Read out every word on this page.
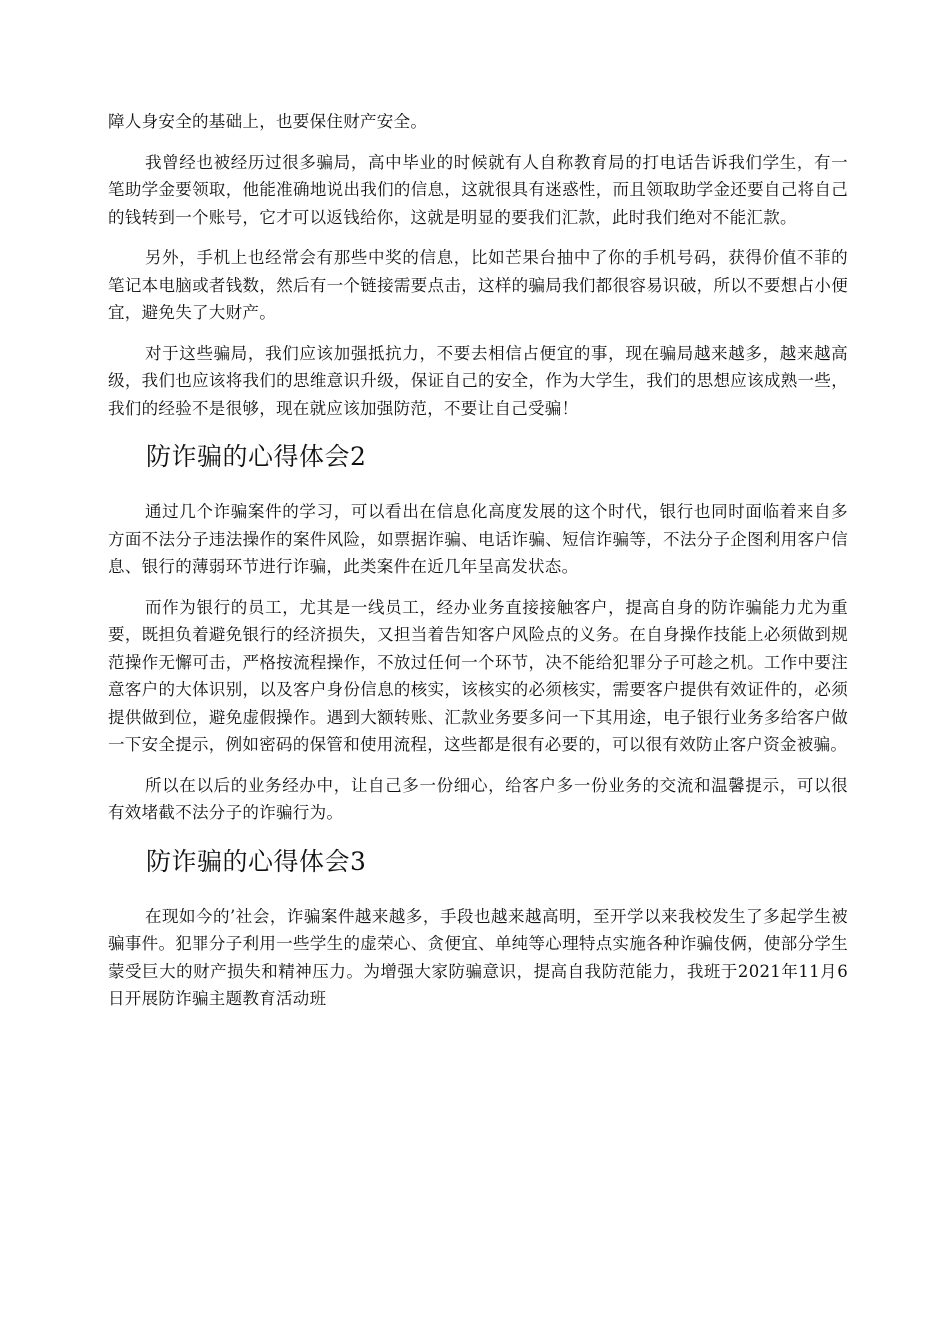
障人身安全的基础上，也要保住财产安全。

我曾经也被经历过很多骗局，高中毕业的时候就有人自称教育局的打电话告诉我们学生，有一笔助学金要领取，他能准确地说出我们的信息，这就很具有迷惑性，而且领取助学金还要自己将自己的钱转到一个账号，它才可以返钱给你，这就是明显的要我们汇款，此时我们绝对不能汇款。

另外，手机上也经常会有那些中奖的信息，比如芒果台抽中了你的手机号码，获得价值不菲的笔记本电脑或者钱数，然后有一个链接需要点击，这样的骗局我们都很容易识破，所以不要想占小便宜，避免失了大财产。

对于这些骗局，我们应该加强抵抗力，不要去相信占便宜的事，现在骗局越来越多，越来越高级，我们也应该将我们的思维意识升级，保证自己的安全，作为大学生，我们的思想应该成熟一些，我们的经验不是很够，现在就应该加强防范，不要让自己受骗！

防诈骗的心得体会2

通过几个诈骗案件的学习，可以看出在信息化高度发展的这个时代，银行也同时面临着来自多方面不法分子违法操作的案件风险，如票据诈骗、电话诈骗、短信诈骗等，不法分子企图利用客户信息、银行的薄弱环节进行诈骗，此类案件在近几年呈高发状态。

而作为银行的员工，尤其是一线员工，经办业务直接接触客户，提高自身的防诈骗能力尤为重要，既担负着避免银行的经济损失，又担当着告知客户风险点的义务。在自身操作技能上必须做到规范操作无懈可击，严格按流程操作，不放过任何一个环节，决不能给犯罪分子可趁之机。工作中要注意客户的大体识别，以及客户身份信息的核实，该核实的必须核实，需要客户提供有效证件的，必须提供做到位，避免虚假操作。遇到大额转账、汇款业务要多问一下其用途，电子银行业务多给客户做一下安全提示，例如密码的保管和使用流程，这些都是很有必要的，可以很有效防止客户资金被骗。

所以在以后的业务经办中，让自己多一份细心，给客户多一份业务的交流和温馨提示，可以很有效堵截不法分子的诈骗行为。

防诈骗的心得体会3

在现如今的’社会，诈骗案件越来越多，手段也越来越高明，至开学以来我校发生了多起学生被骗事件。犯罪分子利用一些学生的虚荣心、贪便宜、单纯等心理特点实施各种诈骗伎俩，使部分学生蒙受巨大的财产损失和精神压力。为增强大家防骗意识，提高自我防范能力，我班于2021年11月6日开展防诈骗主题教育活动班
